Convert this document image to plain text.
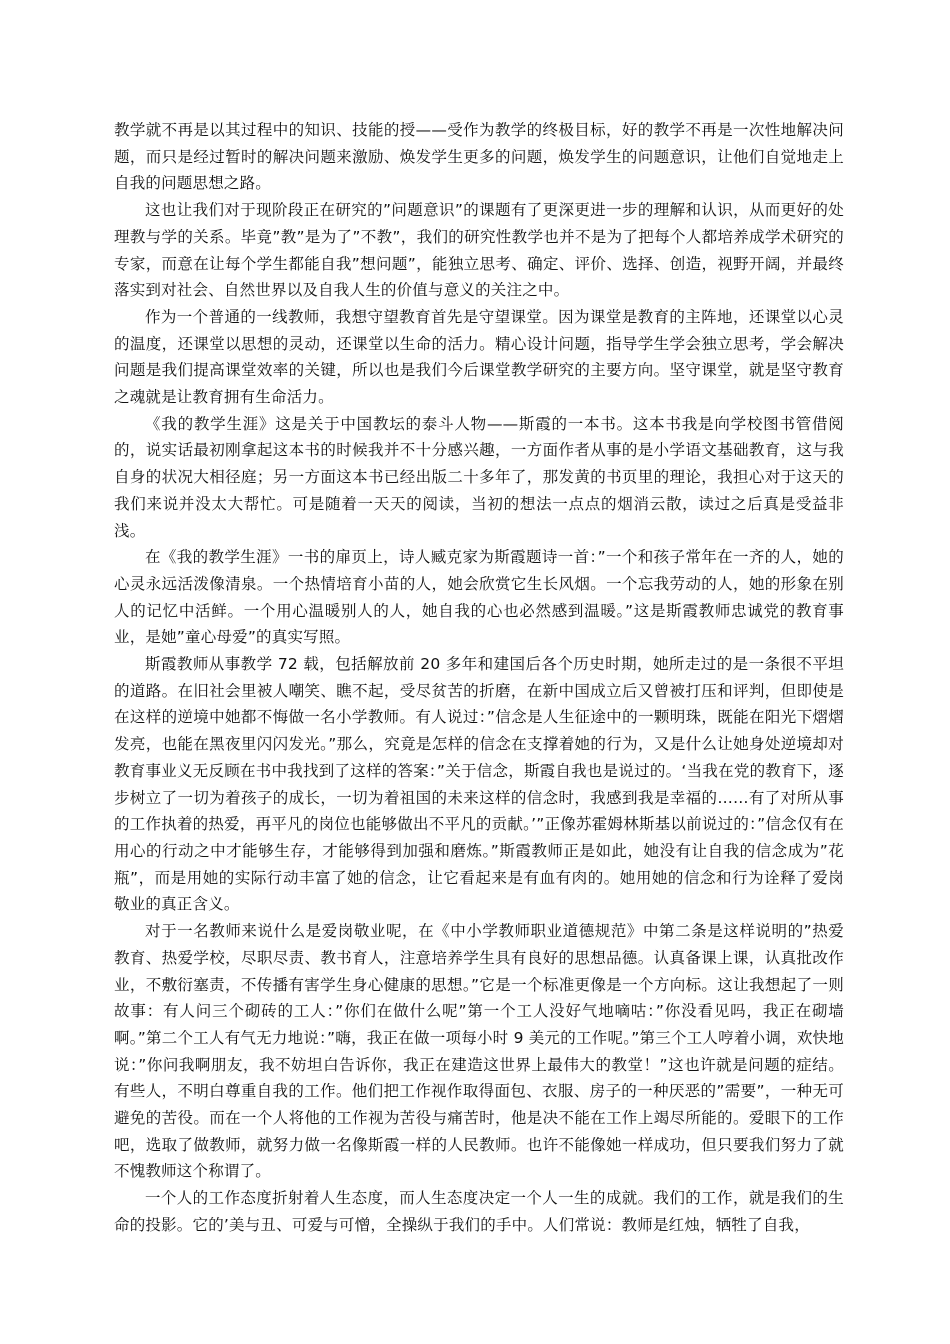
教学就不再是以其过程中的知识、技能的授——受作为教学的终极目标，好的教学不再是一次性地解决问题，而只是经过暂时的解决问题来激励、焕发学生更多的问题，焕发学生的问题意识，让他们自觉地走上自我的问题思想之路。

这也让我们对于现阶段正在研究的”问题意识”的课题有了更深更进一步的理解和认识，从而更好的处理教与学的关系。毕竟”教”是为了”不教”，我们的研究性教学也并不是为了把每个人都培养成学术研究的专家，而意在让每个学生都能自我”想问题”，能独立思考、确定、评价、选择、创造，视野开阔，并最终落实到对社会、自然世界以及自我人生的价值与意义的关注之中。

作为一个普通的一线教师，我想守望教育首先是守望课堂。因为课堂是教育的主阵地，还课堂以心灵的温度，还课堂以思想的灵动，还课堂以生命的活力。精心设计问题，指导学生学会独立思考，学会解决问题是我们提高课堂效率的关键，所以也是我们今后课堂教学研究的主要方向。坚守课堂，就是坚守教育之魂就是让教育拥有生命活力。

《我的教学生涯》这是关于中国教坛的泰斗人物——斯霞的一本书。这本书我是向学校图书管借阅的，说实话最初刚拿起这本书的时候我并不十分感兴趣，一方面作者从事的是小学语文基础教育，这与我自身的状况大相径庭；另一方面这本书已经出版二十多年了，那发黄的书页里的理论，我担心对于这天的我们来说并没太大帮忙。可是随着一天天的阅读，当初的想法一点点的烟消云散，读过之后真是受益非浅。

在《我的教学生涯》一书的扉页上，诗人臧克家为斯霞题诗一首：”一个和孩子常年在一齐的人，她的心灵永远活泼像清泉。一个热情培育小苗的人，她会欣赏它生长风烟。一个忘我劳动的人，她的形象在别人的记忆中活鲜。一个用心温暖别人的人，她自我的心也必然感到温暖。”这是斯霞教师忠诚党的教育事业，是她”童心母爱”的真实写照。

斯霞教师从事教学 72 载，包括解放前 20 多年和建国后各个历史时期，她所走过的是一条很不平坦的道路。在旧社会里被人嘲笑、瞧不起，受尽贫苦的折磨，在新中国成立后又曾被打压和评判，但即使是在这样的逆境中她都不悔做一名小学教师。有人说过：”信念是人生征途中的一颗明珠，既能在阳光下熠熠发亮，也能在黑夜里闪闪发光。”那么，究竟是怎样的信念在支撑着她的行为，又是什么让她身处逆境却对教育事业义无反顾在书中我找到了这样的答案：”关于信念，斯霞自我也是说过的。‘当我在党的教育下，逐步树立了一切为着孩子的成长，一切为着祖国的未来这样的信念时，我感到我是幸福的……有了对所从事的工作执着的热爱，再平凡的岗位也能够做出不平凡的贡献。’”正像苏霍姆林斯基以前说过的：”信念仅有在用心的行动之中才能够生存，才能够得到加强和磨炼。”斯霞教师正是如此，她没有让自我的信念成为”花瓶”，而是用她的实际行动丰富了她的信念，让它看起来是有血有肉的。她用她的信念和行为诠释了爱岗敬业的真正含义。

对于一名教师来说什么是爱岗敬业呢，在《中小学教师职业道德规范》中第二条是这样说明的”热爱教育、热爱学校，尽职尽责、教书育人，注意培养学生具有良好的思想品德。认真备课上课，认真批改作业，不敷衍塞责，不传播有害学生身心健康的思想。”它是一个标准更像是一个方向标。这让我想起了一则故事：有人问三个砌砖的工人：”你们在做什么呢”第一个工人没好气地嘀咕：”你没看见吗，我正在砌墙啊。”第二个工人有气无力地说：”嗨，我正在做一项每小时 9 美元的工作呢。”第三个工人哼着小调，欢快地说：”你问我啊朋友，我不妨坦白告诉你，我正在建造这世界上最伟大的教堂！”这也许就是问题的症结。有些人，不明白尊重自我的工作。他们把工作视作取得面包、衣服、房子的一种厌恶的”需要”，一种无可避免的苦役。而在一个人将他的工作视为苦役与痛苦时，他是决不能在工作上竭尽所能的。爱眼下的工作吧，选取了做教师，就努力做一名像斯霞一样的人民教师。也许不能像她一样成功，但只要我们努力了就不愧教师这个称谓了。

一个人的工作态度折射着人生态度，而人生态度决定一个人一生的成就。我们的工作，就是我们的生命的投影。它的’美与丑、可爱与可憎，全操纵于我们的手中。人们常说：教师是红烛，牺牲了自我，
